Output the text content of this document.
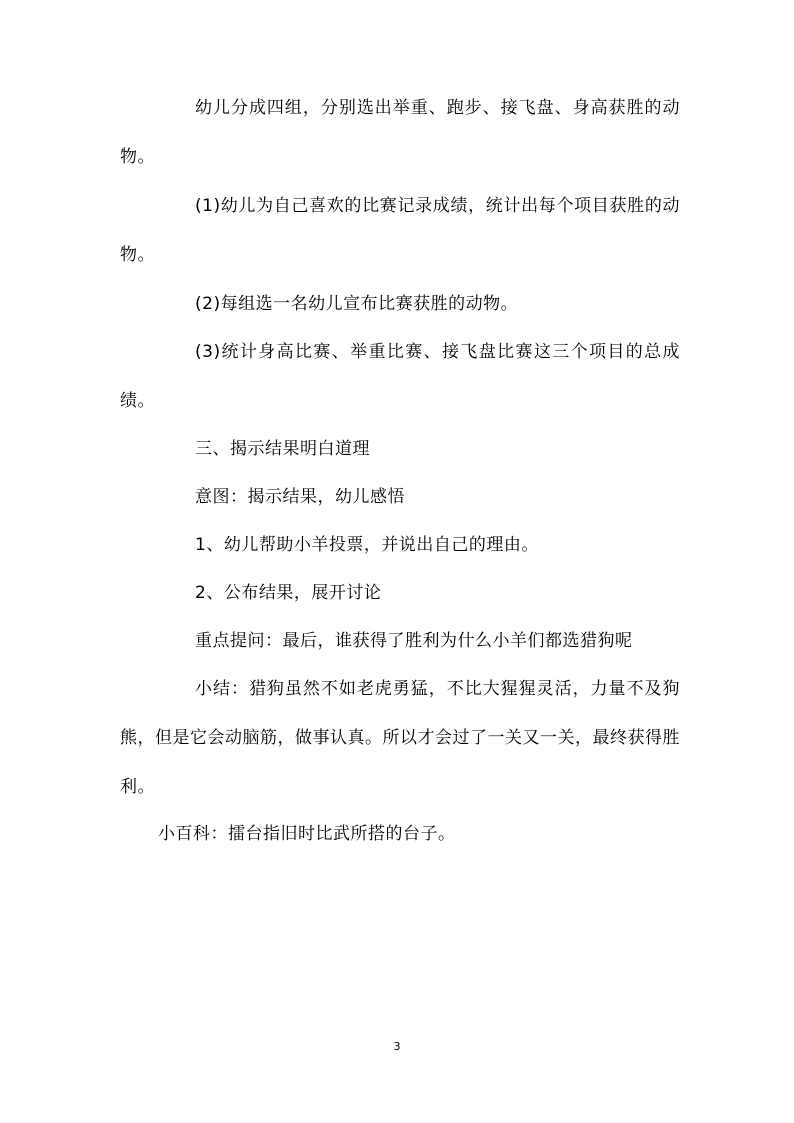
幼儿分成四组，分别选出举重、跑步、接飞盘、身高获胜的动物。

(1)幼儿为自己喜欢的比赛记录成绩，统计出每个项目获胜的动物。

(2)每组选一名幼儿宣布比赛获胜的动物。

(3)统计身高比赛、举重比赛、接飞盘比赛这三个项目的总成绩。

三、揭示结果明白道理

意图：揭示结果，幼儿感悟

1、幼儿帮助小羊投票，并说出自己的理由。

2、公布结果，展开讨论

重点提问：最后，谁获得了胜利为什么小羊们都选猎狗呢

小结：猎狗虽然不如老虎勇猛，不比大猩猩灵活，力量不及狗熊，但是它会动脑筋，做事认真。所以才会过了一关又一关，最终获得胜利。

小百科：擂台指旧时比武所搭的台子。

3
